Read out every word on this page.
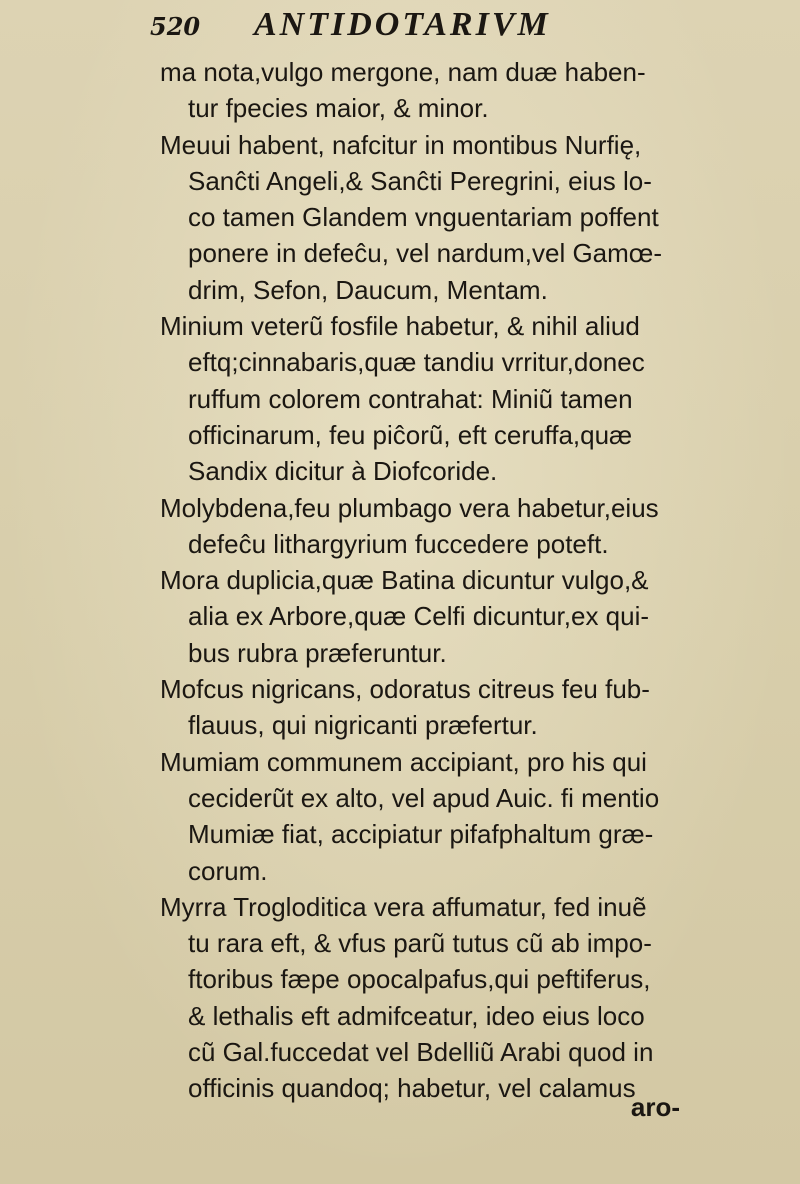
520 ANTIDOTARIVM
ma nota,vulgo mergone, nam duæ haben-
tur fpecies maior, & minor.
Meuui habent, nafcitur in montibus Nurfię,
Sanĉti Angeli,& Sanĉti Peregrini, eius lo-
co tamen Glandem vnguentariam poffent
ponere in defeĉu, vel nardum,vel Gamœ-
drim, Sefon, Daucum, Mentam.
Minium veterũ fosfile habetur, & nihil aliud
eftq;cinnabaris,quæ tandiu vrritur,donec
ruffum colorem contrahat: Miniũ tamen
officinarum, feu piĉorũ, eft ceruffa,quæ
Sandix dicitur à Diofcoride.
Molybdena,feu plumbago vera habetur,eius
defeĉu lithargyrium fuccedere poteft.
Mora duplicia,quæ Batina dicuntur vulgo,&
alia ex Arbore,quæ Celfi dicuntur,ex qui-
bus rubra præferuntur.
Mofcus nigricans, odoratus citreus feu fub-
flauus, qui nigricanti præfertur.
Mumiam communem accipiant, pro his qui
ceciderũt ex alto, vel apud Auic. fi mentio
Mumiæ fiat, accipiatur pifafphaltum græ-
corum.
Myrra Trogloditica vera affumatur, fed inuẽ
tu rara eft, & vfus parũ tutus cũ ab impo-
ftoribus fæpe opocalpafus,qui peftiferus,
& lethalis eft admifceatur, ideo eius loco
cũ Gal.fuccedat vel Bdelliũ Arabi quod in
officinis quandoq; habetur, vel calamus
aro-
